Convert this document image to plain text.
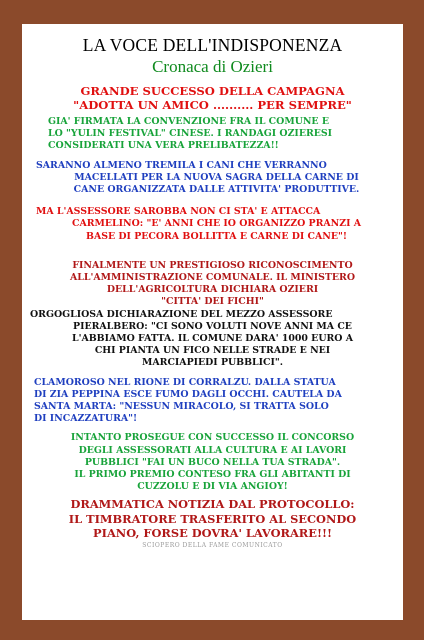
LA VOCE DELL'INDISPONENZA
Cronaca di Ozieri

GRANDE SUCCESSO DELLA CAMPAGNA

"ADOTTA UN AMICO .......... PER SEMPRE"

GIA' FIRMATA LA CONVENZIONE FRA IL COMUNE E

LO "YULIN FESTIVAL" CINESE. I RANDAGI OZIERESI

CONSIDERATI UNA VERA PRELIBATEZZA!!

SARANNO ALMENO TREMILA I CANI CHE VERRANNO

MACELLATI PER LA NUOVA SAGRA DELLA CARNE DI

CANE ORGANIZZATA DALLE ATTIVITA' PRODUTTIVE.

MA L'ASSESSORE SAROBBA NON CI STA' E ATTACCA

CARMELINO: "E' ANNI CHE IO ORGANIZZO PRANZI A

BASE DI PECORA BOLLITTA E CARNE DI CANE"!

FINALMENTE UN PRESTIGIOSO RICONOSCIMENTO

ALL'AMMINISTRAZIONE COMUNALE. IL MINISTERO

DELL'AGRICOLTURA DICHIARA OZIERI

"CITTA' DEI FICHI"

ORGOGLIOSA DICHIARAZIONE DEL MEZZO ASSESSORE

PIERALBERO: "CI SONO VOLUTI NOVE ANNI MA CE

L'ABBIAMO FATTA. IL COMUNE DARA' 1000 EURO A

CHI PIANTA UN FICO NELLE STRADE E NEI

MARCIAPIEDI PUBBLICI".

CLAMOROSO NEL RIONE DI CORRALZU. DALLA STATUA

DI ZIA PEPPINA ESCE FUMO DAGLI OCCHI. CAUTELA DA

SANTA MARTA: "NESSUN MIRACOLO, SI TRATTA SOLO

DI INCAZZATURA"!

INTANTO PROSEGUE CON SUCCESSO IL CONCORSO

DEGLI ASSESSORATI ALLA CULTURA E AI LAVORI

PUBBLICI "FAI UN BUCO NELLA TUA STRADA".

IL PRIMO PREMIO CONTESO FRA GLI ABITANTI DI

CUZZOLU E DI VIA ANGIOY!

DRAMMATICA NOTIZIA DAL PROTOCOLLO:

IL TIMBRATORE TRASFERITO AL SECONDO

PIANO, FORSE DOVRA' LAVORARE!!!

SCIOPERO DELLA FAME COMUNICATO
